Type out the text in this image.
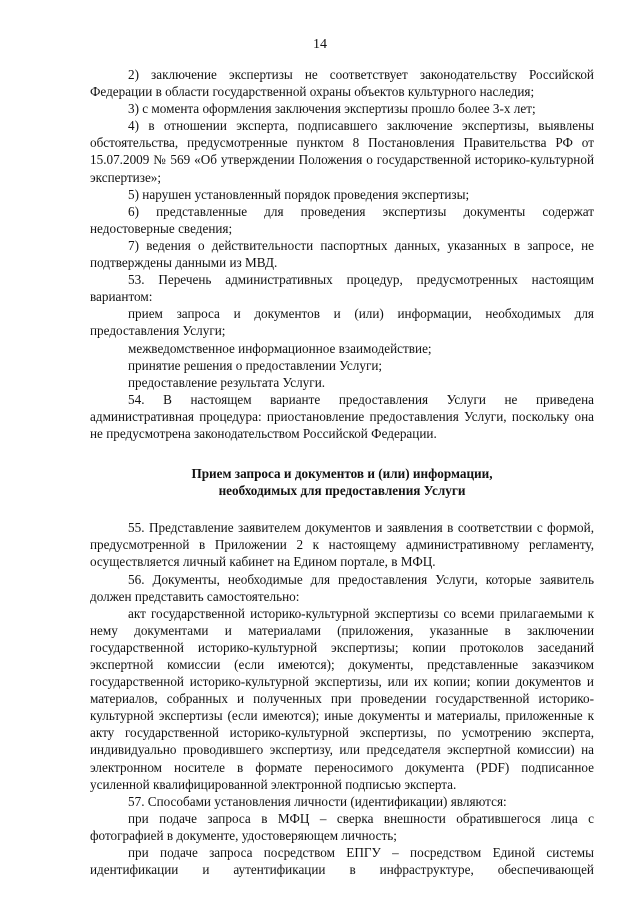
14

2) заключение экспертизы не соответствует законодательству Российской Федерации в области государственной охраны объектов культурного наследия;

3) с момента оформления заключения экспертизы прошло более 3-х лет;

4) в отношении эксперта, подписавшего заключение экспертизы, выявлены обстоятельства, предусмотренные пунктом 8 Постановления Правительства РФ от 15.07.2009 № 569 «Об утверждении Положения о государственной историко-культурной экспертизе»;

5) нарушен установленный порядок проведения экспертизы;

6) представленные для проведения экспертизы документы содержат недостоверные сведения;

7) ведения о действительности паспортных данных, указанных в запросе, не подтверждены данными из МВД.

53. Перечень административных процедур, предусмотренных настоящим вариантом:

прием запроса и документов и (или) информации, необходимых для предоставления Услуги;

межведомственное информационное взаимодействие;

принятие решения о предоставлении Услуги;

предоставление результата Услуги.

54. В настоящем варианте предоставления Услуги не приведена административная процедура: приостановление предоставления Услуги, поскольку она не предусмотрена законодательством Российской Федерации.

Прием запроса и документов и (или) информации,
необходимых для предоставления Услуги

55. Представление заявителем документов и заявления в соответствии с формой, предусмотренной в Приложении 2 к настоящему административному регламенту, осуществляется личный кабинет на Едином портале, в МФЦ.

56. Документы, необходимые для предоставления Услуги, которые заявитель должен представить самостоятельно:

акт государственной историко-культурной экспертизы со всеми прилагаемыми к нему документами и материалами (приложения, указанные в заключении государственной историко-культурной экспертизы; копии протоколов заседаний экспертной комиссии (если имеются); документы, представленные заказчиком государственной историко-культурной экспертизы, или их копии; копии документов и материалов, собранных и полученных при проведении государственной историко-культурной экспертизы (если имеются); иные документы и материалы, приложенные к акту государственной историко-культурной экспертизы, по усмотрению эксперта, индивидуально проводившего экспертизу, или председателя экспертной комиссии) на электронном носителе в формате переносимого документа (PDF) подписанное усиленной квалифицированной электронной подписью эксперта.

57. Способами установления личности (идентификации) являются:

при подаче запроса в МФЦ – сверка внешности обратившегося лица с фотографией в документе, удостоверяющем личность;

при подаче запроса посредством ЕПГУ – посредством Единой системы идентификации и аутентификации в инфраструктуре, обеспечивающей
